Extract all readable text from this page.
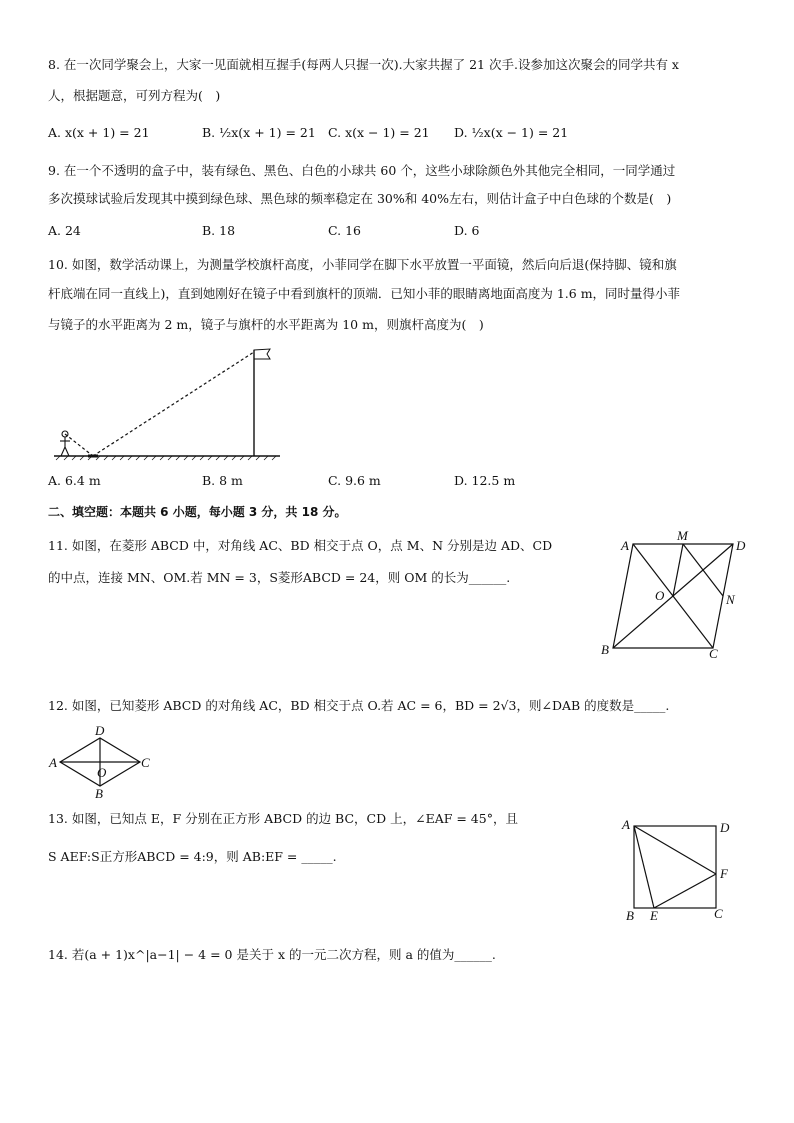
8. 在一次同学聚会上，大家一见面就相互握手(每两人只握一次).大家共握了 21 次手.设参加这次聚会的同学共有 x
人，根据题意，可列方程为(　)
A. x(x + 1) = 21	B. ½x(x + 1) = 21 C. x(x − 1) = 21 D. ½x(x − 1) = 21
9. 在一个不透明的盒子中，装有绿色、黑色、白色的小球共 60 个，这些小球除颜色外其他完全相同，一同学通过
多次摸球试验后发现其中摸到绿色球、黑色球的频率稳定在 30%和 40%左右，则估计盒子中白色球的个数是(　)
A. 24	B. 18	C. 16	D. 6
10. 如图，数学活动课上，为测量学校旗杆高度，小菲同学在脚下水平放置一平面镜，然后向后退(保持脚、镜和旗
杆底端在同一直线上)，直到她刚好在镜子中看到旗杆的顶端．已知小菲的眼睛离地面高度为 1.6 m，同时量得小菲
与镜子的水平距离为 2 m，镜子与旗杆的水平距离为 10 m，则旗杆高度为(　)
A. 6.4 m	B. 8 m	C. 9.6 m	D. 12.5 m
二、填空题：本题共 6 小题，每小题 3 分，共 18 分。
11. 如图，在菱形 ABCD 中，对角线 AC、BD 相交于点 O，点 M、N 分别是边 AD、CD
的中点，连接 MN、OM.若 MN = 3，S菱形ABCD = 24，则 OM 的长为______.
A
M
D
O	N
B	C
12. 如图，已知菱形 ABCD 的对角线 AC，BD 相交于点 O.若 AC = 6，BD = 2√3，则∠DAB 的度数是_____.
A
D
C
O
B
13. 如图，已知点 E，F 分别在正方形 ABCD 的边 BC，CD 上，∠EAF = 45°，且
S AEF:S正方形ABCD = 4:9，则 AB:EF = _____.
A	D
F
B E	C
14. 若(a + 1)x^|a−1| − 4 = 0 是关于 x 的一元二次方程，则 a 的值为______.
